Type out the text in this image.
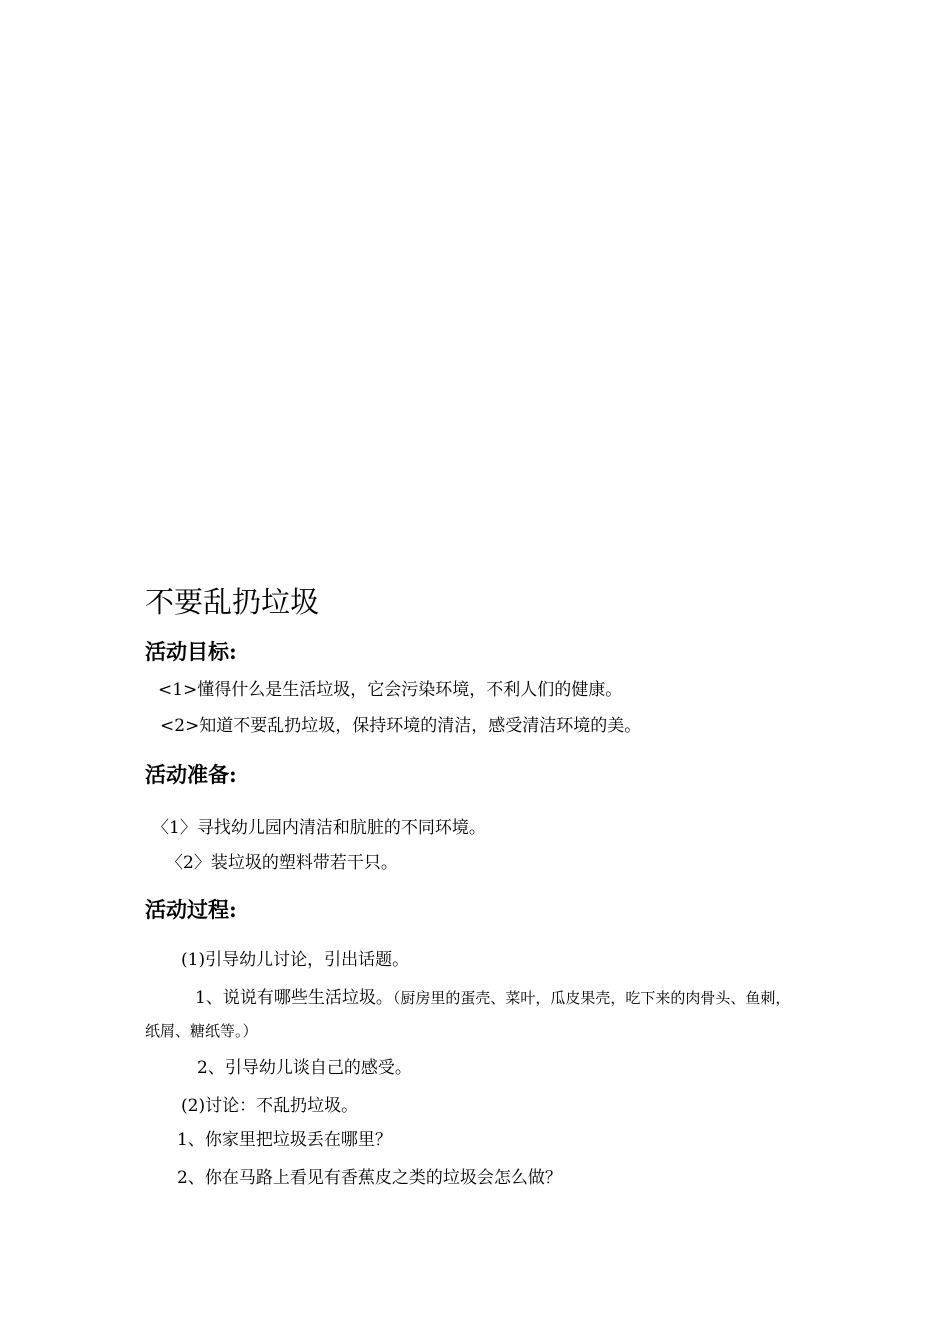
不要乱扔垃圾
活动目标:
<1>懂得什么是生活垃圾，它会污染环境，不利人们的健康。
<2>知道不要乱扔垃圾，保持环境的清洁，感受清洁环境的美。
活动准备:
〈1〉寻找幼儿园内清洁和肮脏的不同环境。
〈2〉装垃圾的塑料带若干只。
活动过程:
(1)引导幼儿讨论，引出话题。
1、说说有哪些生活垃圾。（厨房里的蛋壳、菜叶，瓜皮果壳，吃下来的肉骨头、鱼刺，
纸屑、糖纸等。）
2、引导幼儿谈自己的感受。
(2)讨论：不乱扔垃圾。
1、你家里把垃圾丢在哪里？
2、你在马路上看见有香蕉皮之类的垃圾会怎么做？
